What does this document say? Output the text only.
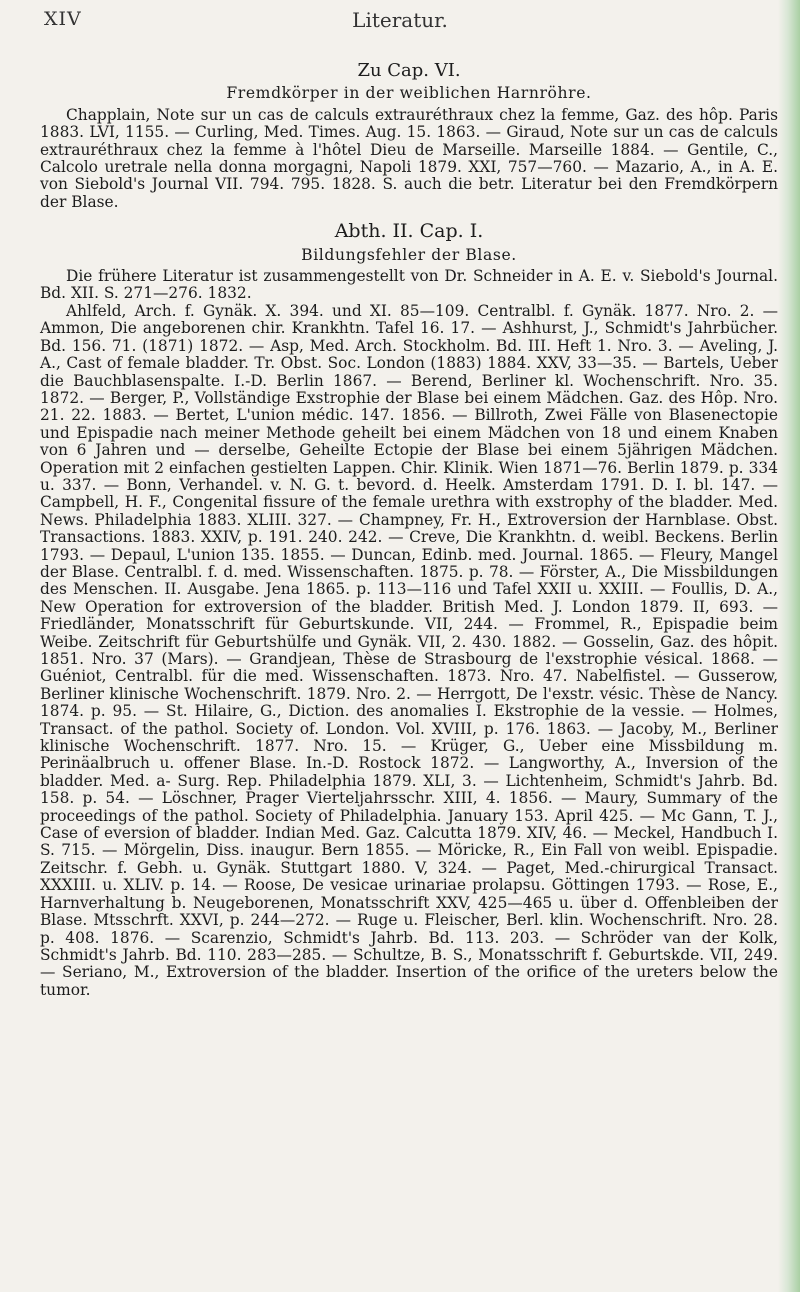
XIV	Literatur.
Zu Cap. VI.
Fremdkörper in der weiblichen Harnröhre.

Chapplain, Note sur un cas de calculs extrauréthraux chez la femme, Gaz. des hôp. Paris 1883. LVI, 1155. — Curling, Med. Times. Aug. 15. 1863. — Giraud, Note sur un cas de calculs extrauréthraux chez la femme à l'hôtel Dieu de Marseille. Marseille 1884. — Gentile, C., Calcolo uretrale nella donna morgagni, Napoli 1879. XXI, 757—760. — Mazario, A., in A. E. von Siebold's Journal VII. 794. 795. 1828. S. auch die betr. Literatur bei den Fremdkörpern der Blase.

Abth. II. Cap. I.
Bildungsfehler der Blase.

Die frühere Literatur ist zusammengestellt von Dr. Schneider in A. E. v. Siebold's Journal. Bd. XII. S. 271—276. 1832.

Ahlfeld, Arch. f. Gynäk. X. 394. und XI. 85—109. Centralbl. f. Gynäk. 1877. Nro. 2. — Ammon, Die angeborenen chir. Krankhtn. Tafel 16. 17. — Ashhurst, J., Schmidt's Jahrbücher. Bd. 156. 71. (1871) 1872. — Asp, Med. Arch. Stockholm. Bd. III. Heft 1. Nro. 3. — Aveling, J. A., Cast of female bladder. Tr. Obst. Soc. London (1883) 1884. XXV, 33—35. — Bartels, Ueber die Bauchblasenspalte. I.-D. Berlin 1867. — Berend, Berliner kl. Wochenschrift. Nro. 35. 1872. — Berger, P., Vollständige Exstrophie der Blase bei einem Mädchen. Gaz. des Hôp. Nro. 21. 22. 1883. — Bertet, L'union médic. 147. 1856. — Billroth, Zwei Fälle von Blasenectopie und Epispadie nach meiner Methode geheilt bei einem Mädchen von 18 und einem Knaben von 6 Jahren und — derselbe, Geheilte Ectopie der Blase bei einem 5jährigen Mädchen. Operation mit 2 einfachen gestielten Lappen. Chir. Klinik. Wien 1871—76. Berlin 1879. p. 334 u. 337. — Bonn, Verhandel. v. N. G. t. bevord. d. Heelk. Amsterdam 1791. D. I. bl. 147. — Campbell, H. F., Congenital fissure of the female urethra with exstrophy of the bladder. Med. News. Philadelphia 1883. XLIII. 327. — Champney, Fr. H., Extroversion der Harnblase. Obst. Transactions. 1883. XXIV, p. 191. 240. 242. — Creve, Die Krankhtn. d. weibl. Beckens. Berlin 1793. — Depaul, L'union 135. 1855. — Duncan, Edinb. med. Journal. 1865. — Fleury, Mangel der Blase. Centralbl. f. d. med. Wissenschaften. 1875. p. 78. — Förster, A., Die Missbildungen des Menschen. II. Ausgabe. Jena 1865. p. 113—116 und Tafel XXII u. XXIII. — Foullis, D. A., New Operation for extroversion of the bladder. British Med. J. London 1879. II, 693. — Friedländer, Monatsschrift für Geburtskunde. VII, 244. — Frommel, R., Epispadie beim Weibe. Zeitschrift für Geburtshülfe und Gynäk. VII, 2. 430. 1882. — Gosselin, Gaz. des hôpit. 1851. Nro. 37 (Mars). — Grandjean, Thèse de Strasbourg de l'exstrophie vésical. 1868. — Guéniot, Centralbl. für die med. Wissenschaften. 1873. Nro. 47. Nabelfistel. — Gusserow, Berliner klinische Wochenschrift. 1879. Nro. 2. — Herrgott, De l'exstr. vésic. Thèse de Nancy. 1874. p. 95. — St. Hilaire, G., Diction. des anomalies I. Ekstrophie de la vessie. — Holmes, Transact. of the pathol. Society of. London. Vol. XVIII, p. 176. 1863. — Jacoby, M., Berliner klinische Wochenschrift. 1877. Nro. 15. — Krüger, G., Ueber eine Missbildung m. Perinäalbruch u. offener Blase. In.-D. Rostock 1872. — Langworthy, A., Inversion of the bladder. Med. a- Surg. Rep. Philadelphia 1879. XLI, 3. — Lichtenheim, Schmidt's Jahrb. Bd. 158. p. 54. — Löschner, Prager Vierteljahrsschr. XIII, 4. 1856. — Maury, Summary of the proceedings of the pathol. Society of Philadelphia. January 153. April 425. — Mc Gann, T. J., Case of eversion of bladder. Indian Med. Gaz. Calcutta 1879. XIV, 46. — Meckel, Handbuch I. S. 715. — Mörgelin, Diss. inaugur. Bern 1855. — Möricke, R., Ein Fall von weibl. Epispadie. Zeitschr. f. Gebh. u. Gynäk. Stuttgart 1880. V, 324. — Paget, Med.-chirurgical Transact. XXXIII. u. XLIV. p. 14. — Roose, De vesicae urinariae prolapsu. Göttingen 1793. — Rose, E., Harnverhaltung b. Neugeborenen, Monatsschrift XXV, 425—465 u. über d. Offenbleiben der Blase. Mtsschrft. XXVI, p. 244—272. — Ruge u. Fleischer, Berl. klin. Wochenschrift. Nro. 28. p. 408. 1876. — Scarenzio, Schmidt's Jahrb. Bd. 113. 203. — Schröder van der Kolk, Schmidt's Jahrb. Bd. 110. 283—285. — Schultze, B. S., Monatsschrift f. Geburtskde. VII, 249. — Seriano, M., Extroversion of the bladder. Insertion of the orifice of the ureters below the tumor.
